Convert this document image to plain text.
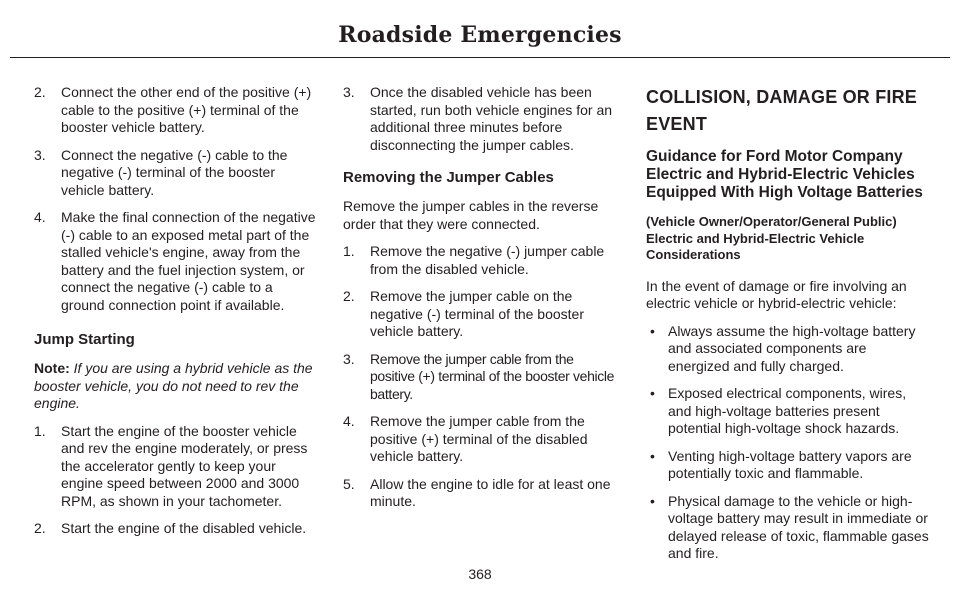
Roadside Emergencies
2. Connect the other end of the positive (+) cable to the positive (+) terminal of the booster vehicle battery.
3. Connect the negative (-) cable to the negative (-) terminal of the booster vehicle battery.
4. Make the final connection of the negative (-) cable to an exposed metal part of the stalled vehicle's engine, away from the battery and the fuel injection system, or connect the negative (-) cable to a ground connection point if available.
Jump Starting

Note: If you are using a hybrid vehicle as the booster vehicle, you do not need to rev the engine.

1. Start the engine of the booster vehicle and rev the engine moderately, or press the accelerator gently to keep your engine speed between 2000 and 3000 RPM, as shown in your tachometer.
2. Start the engine of the disabled vehicle.
3. Once the disabled vehicle has been started, run both vehicle engines for an additional three minutes before disconnecting the jumper cables.
Removing the Jumper Cables

Remove the jumper cables in the reverse order that they were connected.

1. Remove the negative (-) jumper cable from the disabled vehicle.
2. Remove the jumper cable on the negative (-) terminal of the booster vehicle battery.
3. Remove the jumper cable from the positive (+) terminal of the booster vehicle battery.
4. Remove the jumper cable from the positive (+) terminal of the disabled vehicle battery.
5. Allow the engine to idle for at least one minute.
COLLISION, DAMAGE OR FIRE EVENT
Guidance for Ford Motor Company Electric and Hybrid-Electric Vehicles Equipped With High Voltage Batteries

(Vehicle Owner/Operator/General Public) Electric and Hybrid-Electric Vehicle Considerations

In the event of damage or fire involving an electric vehicle or hybrid-electric vehicle:

• Always assume the high-voltage battery and associated components are energized and fully charged.
• Exposed electrical components, wires, and high-voltage batteries present potential high-voltage shock hazards.
• Venting high-voltage battery vapors are potentially toxic and flammable.
• Physical damage to the vehicle or high-voltage battery may result in immediate or delayed release of toxic, flammable gases and fire.
368
